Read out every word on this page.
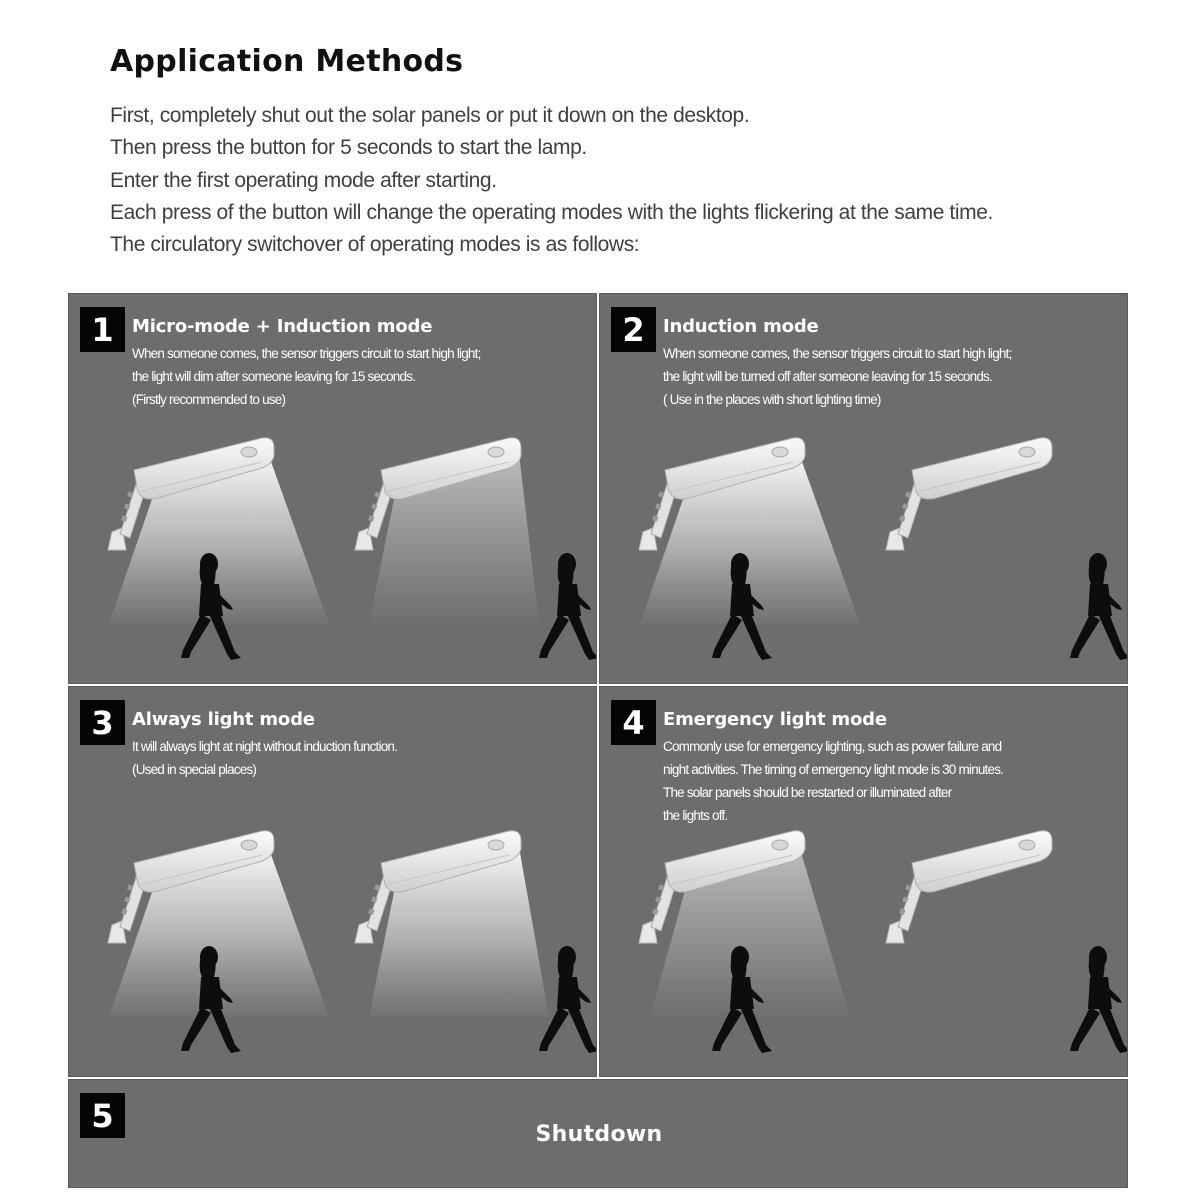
Application Methods
First, completely shut out the solar panels or put it down on the desktop.
Then press the button for 5 seconds to start the lamp.
Enter the first operating mode after starting.
Each press of the button will change the operating modes with the lights flickering at the same time.
The circulatory switchover of operating modes is as follows:
1	Micro-mode + Induction mode
When someone comes, the sensor triggers circuit to start high light;
the light will dim after someone leaving for 15 seconds.
(Firstly recommended to use)
2	Induction mode
When someone comes, the sensor triggers circuit to start high light;
the light will be turned off after someone leaving for 15 seconds.
( Use in the places with short lighting time)
3	Always light mode
It will always light at night without induction function.
(Used in special places)
4	Emergency light mode
Commonly use for emergency lighting, such as power failure and
night activities. The timing of emergency light mode is 30 minutes.
The solar panels should be restarted or illuminated after
the lights off.
5	Shutdown
